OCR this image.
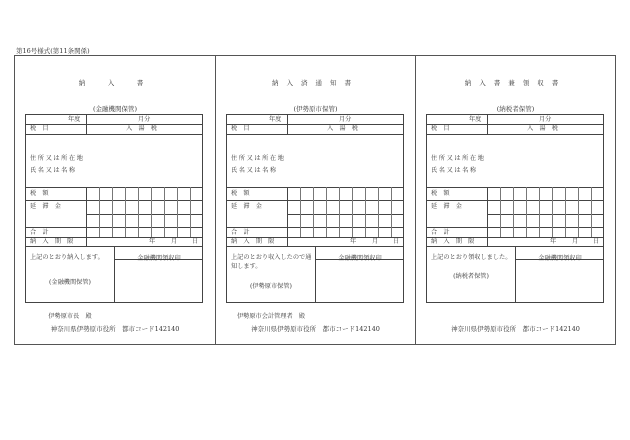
第16号様式(第11条関係)
納　入　書
(金融機関保管)
年度	月分
税　目	入　湯　税
住所又は所在地
氏名又は名称
税　額
延　滞　金
合　計
納　入　期　限	年	月 日
上記のとおり納入します。
(金融機関保管)
金融機関領収印
伊勢原市長　殿
神奈川県伊勢原市役所　都市コード142140
納入済通知書
(伊勢原市保管)
年度	月分
税　目	入　湯　税
住所又は所在地
氏名又は名称
税　額
延　滞　金
合　計
納　入　期　限	年	月 日
上記のとおり収入したので通知します。
(伊勢原市保管)
金融機関領収印
伊勢原市会計管理者　殿
神奈川県伊勢原市役所　都市コード142140
納入書兼領収書
(納税者保管)
年度	月分
税　目	入　湯　税
住所又は所在地
氏名又は名称
税　額
延　滞　金
合　計
納　入　期　限	年	月 日
上記のとおり領収しました。
(納税者保管)
金融機関領収印
神奈川県伊勢原市役所　都市コード142140
